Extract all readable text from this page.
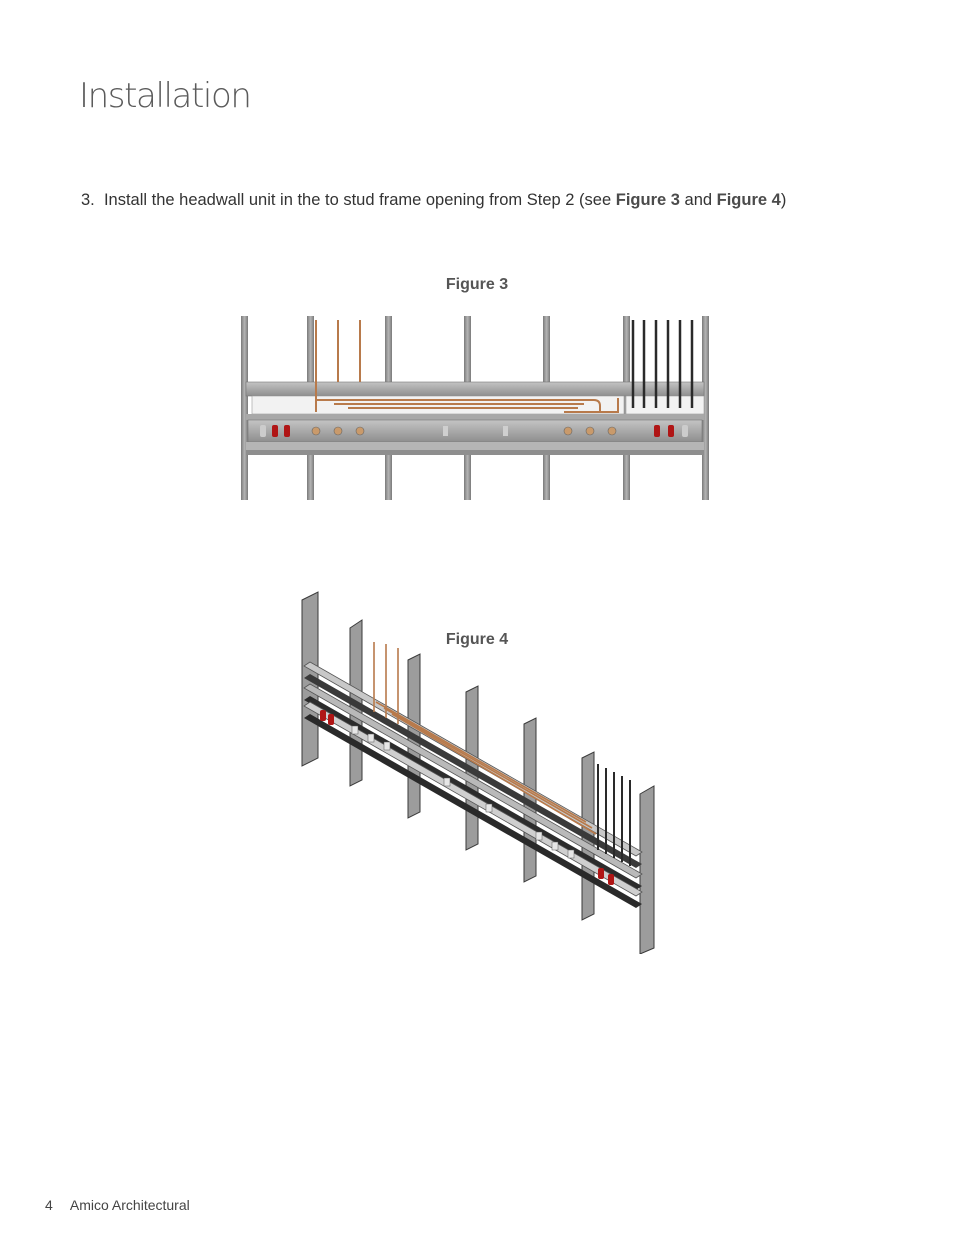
Installation
3. Install the headwall unit in the to stud frame opening from Step 2 (see Figure 3 and Figure 4)
Figure 3
Figure 4
4 Amico Architectural
